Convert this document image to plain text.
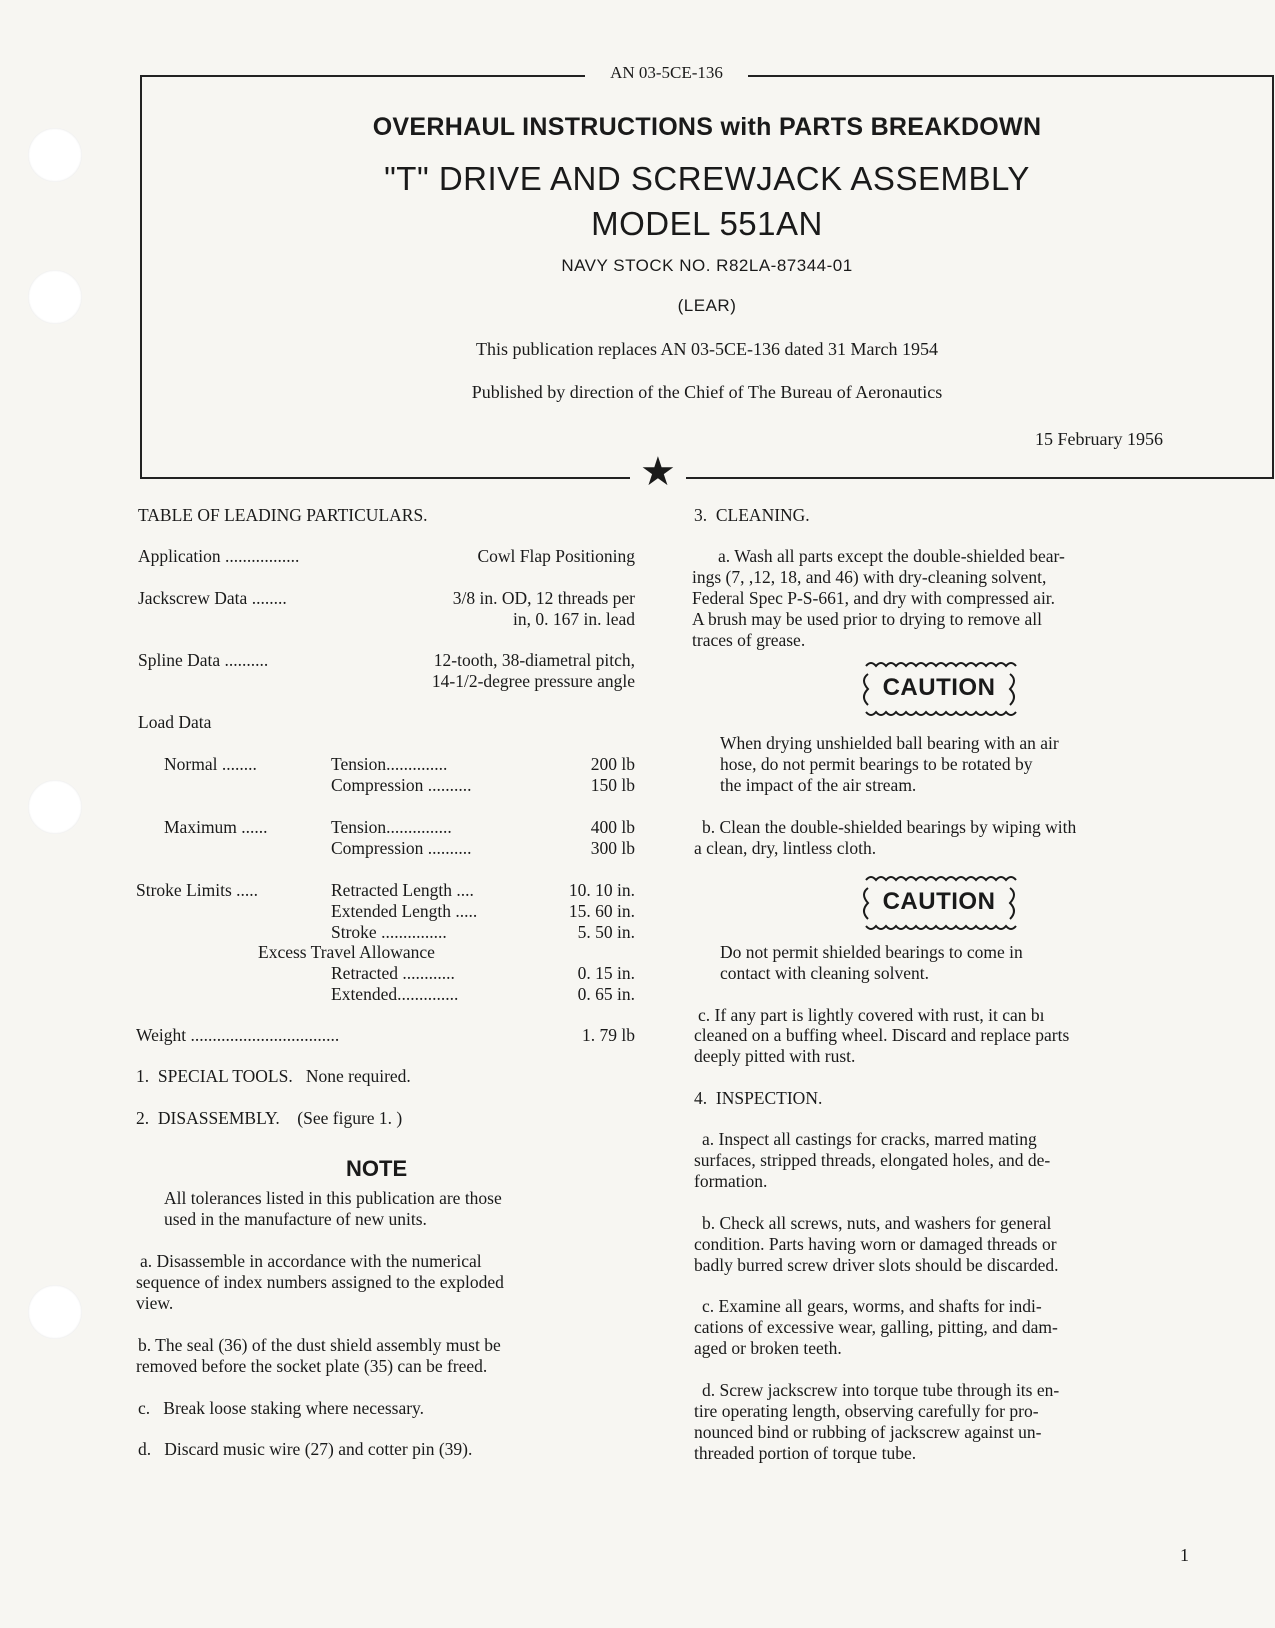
AN 03-5CE-136
★
OVERHAUL INSTRUCTIONS with PARTS BREAKDOWN
"T" DRIVE AND SCREWJACK ASSEMBLY
MODEL 551AN
NAVY STOCK NO. R82LA-87344-01
(LEAR)
This publication replaces AN 03-5CE-136 dated 31 March 1954
Published by direction of the Chief of The Bureau of Aeronautics
15 February 1956
TABLE OF LEADING PARTICULARS.
Application .................	Cowl Flap Positioning
Jackscrew Data ........	3/8 in. OD, 12 threads per
in, 0. 167 in. lead
Spline Data ..........	12-tooth, 38-diametral pitch,
14-1/2-degree pressure angle
Load Data
Normal ........	Tension..............	200 lb
Compression ..........	150 lb
Maximum ......	Tension...............	400 lb
Compression ..........	300 lb
Stroke Limits .....	Retracted Length ....	10. 10 in.
Extended Length .....	15. 60 in.
Stroke ...............	5. 50 in.
Excess Travel Allowance
Retracted ............	0. 15 in.
Extended..............	0. 65 in.
Weight ..................................	1. 79 lb
1.  SPECIAL TOOLS.   None required.
2.  DISASSEMBLY.    (See figure 1. )
NOTE
All tolerances listed in this publication are those
used in the manufacture of new units.
a. Disassemble in accordance with the numerical
sequence of index numbers assigned to the exploded
view.
b. The seal (36) of the dust shield assembly must be
removed before the socket plate (35) can be freed.
c.   Break loose staking where necessary.
d.   Discard music wire (27) and cotter pin (39).
3.  CLEANING.
a. Wash all parts except the double-shielded bear-
ings (7, ,12, 18, and 46) with dry-cleaning solvent,
Federal Spec P-S-661, and dry with compressed air.
A brush may be used prior to drying to remove all
traces of grease.
CAUTION
When drying unshielded ball bearing with an air
hose, do not permit bearings to be rotated by
the impact of the air stream.
b. Clean the double-shielded bearings by wiping with
a clean, dry, lintless cloth.
CAUTION
Do not permit shielded bearings to come in
contact with cleaning solvent.
c. If any part is lightly covered with rust, it can bı
cleaned on a buffing wheel. Discard and replace parts
deeply pitted with rust.
4.  INSPECTION.
a. Inspect all castings for cracks, marred mating
surfaces, stripped threads, elongated holes, and de-
formation.
b. Check all screws, nuts, and washers for general
condition. Parts having worn or damaged threads or
badly burred screw driver slots should be discarded.
c. Examine all gears, worms, and shafts for indi-
cations of excessive wear, galling, pitting, and dam-
aged or broken teeth.
d. Screw jackscrew into torque tube through its en-
tire operating length, observing carefully for pro-
nounced bind or rubbing of jackscrew against un-
threaded portion of torque tube.
1
